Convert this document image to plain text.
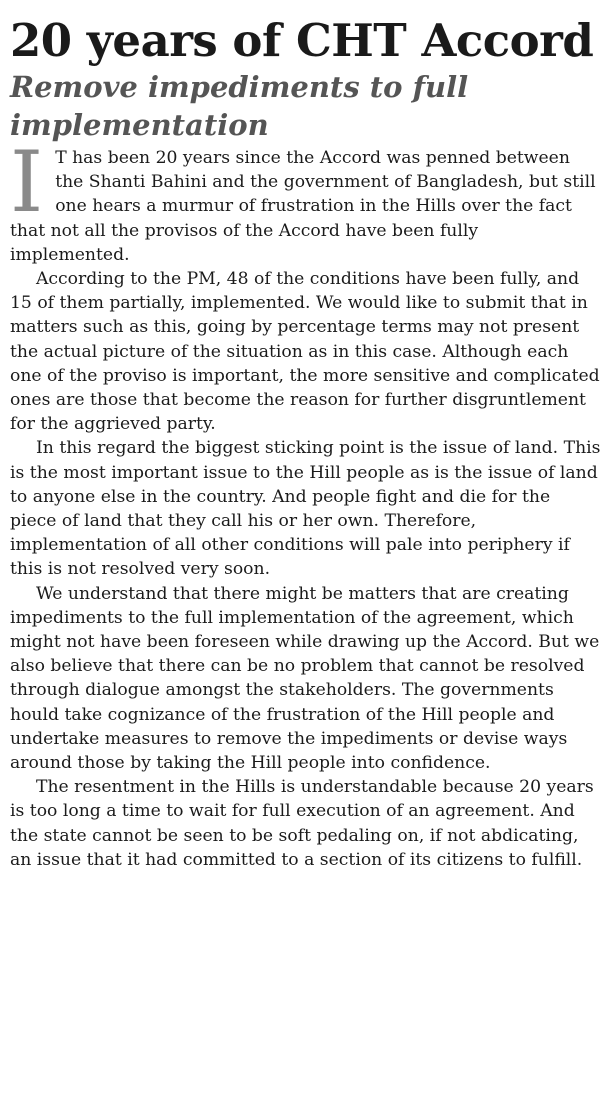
20 years of CHT Accord
Remove impediments to full implementation

I T has been 20 years since the Accord was penned between the Shanti Bahini and the government of Bangladesh, but still one hears a murmur of frustration in the Hills over the fact that not all the provisos of the Accord have been fully implemented.

According to the PM, 48 of the conditions have been fully, and 15 of them partially, implemented. We would like to submit that in matters such as this, going by percentage terms may not present the actual picture of the situation as in this case. Although each one of the proviso is important, the more sensitive and complicated ones are those that become the reason for further disgruntlement for the aggrieved party.

In this regard the biggest sticking point is the issue of land. This is the most important issue to the Hill people as is the issue of land to anyone else in the country. And people fight and die for the piece of land that they call his or her own. Therefore, implementation of all other conditions will pale into periphery if this is not resolved very soon.

We understand that there might be matters that are creating impediments to the full implementation of the agreement, which might not have been foreseen while drawing up the Accord. But we also believe that there can be no problem that cannot be resolved through dialogue amongst the stakeholders. The governments hould take cognizance of the frustration of the Hill people and undertake measures to remove the impediments or devise ways around those by taking the Hill people into confidence.

The resentment in the Hills is understandable because 20 years is too long a time to wait for full execution of an agreement. And the state cannot be seen to be soft pedaling on, if not abdicating, an issue that it had committed to a section of its citizens to fulfill.
